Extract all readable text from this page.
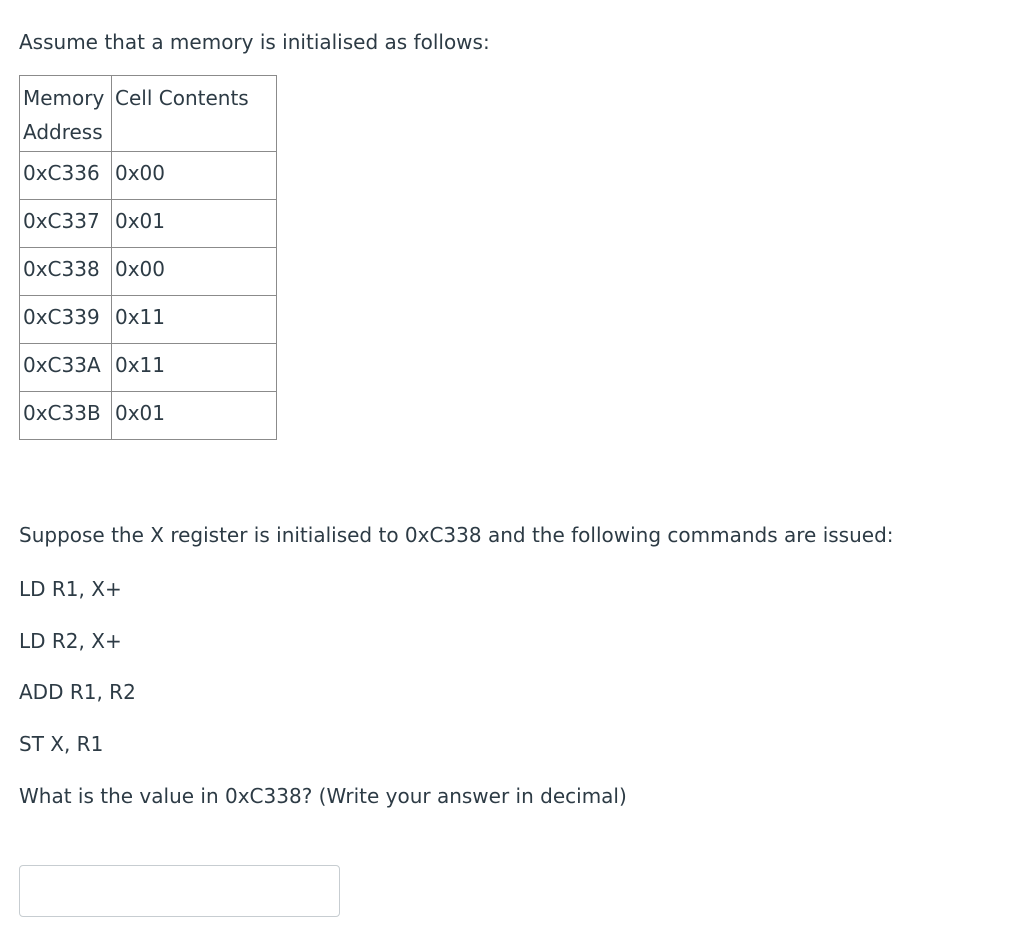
Assume that a memory is initialised as follows:
Memory Address	Cell Contents
0xC336	0x00
0xC337	0x01
0xC338	0x00
0xC339	0x11
0xC33A	0x11
0xC33B	0x01
Suppose the X register is initialised to 0xC338 and the following commands are issued:
LD R1, X+
LD R2, X+
ADD R1, R2
ST X, R1
What is the value in 0xC338? (Write your answer in decimal)
